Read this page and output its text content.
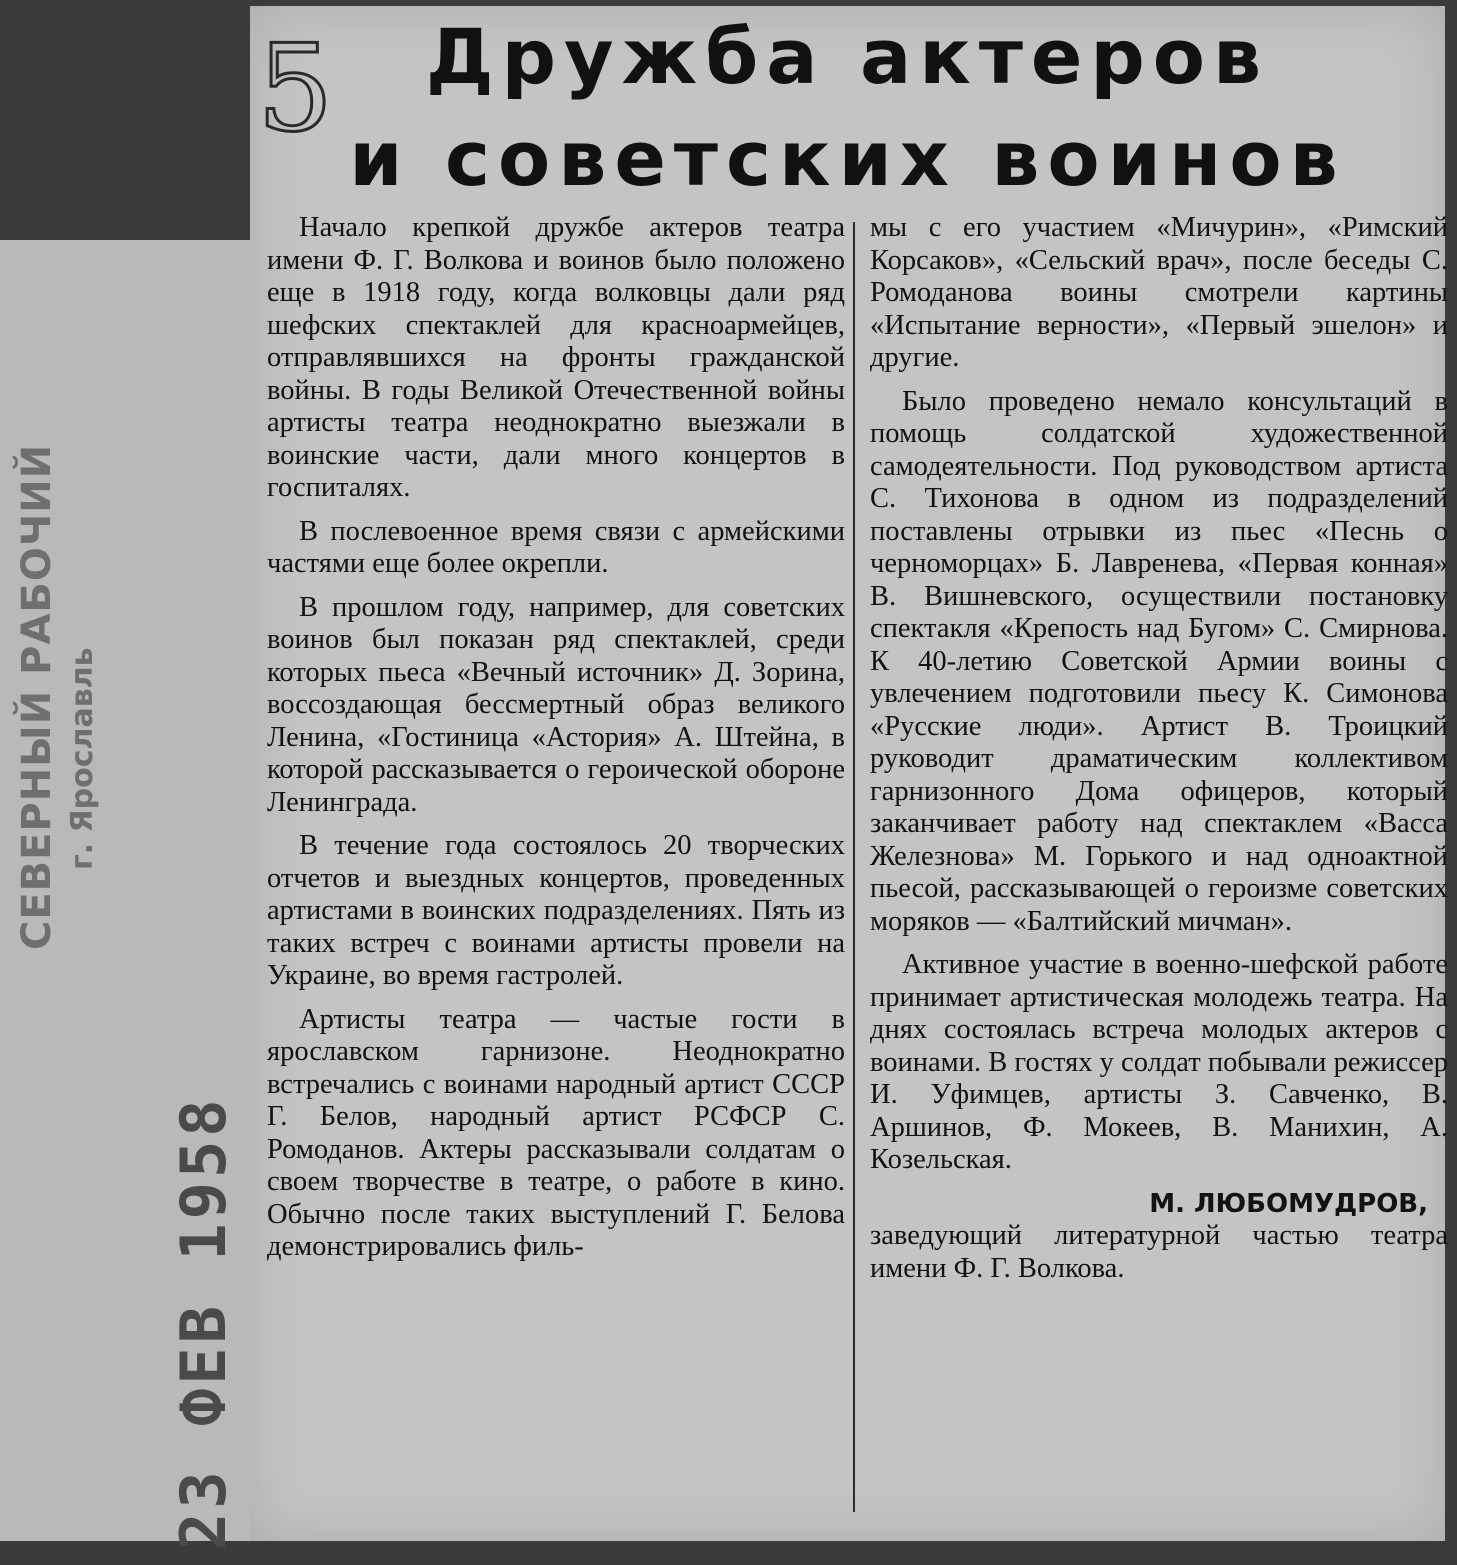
СЕВЕРНЫЙ РАБОЧИЙ г. Ярославль
23 ФЕВ 1958
5	Дружба актеров
и советских воинов

Начало крепкой дружбе актеров театра имени Ф. Г. Волкова и воинов было положено еще в 1918 году, когда волковцы дали ряд шефских спектаклей для красноармейцев, отправлявшихся на фронты гражданской войны. В годы Великой Отечественной войны артисты театра неоднократно выезжали в воинские части, дали много концертов в госпиталях.

В послевоенное время связи с армейскими частями еще более окрепли.

В прошлом году, например, для советских воинов был показан ряд спектаклей, среди которых пьеса «Вечный источник» Д. Зорина, воссоздающая бессмертный образ великого Ленина, «Гостиница «Астория» А. Штейна, в которой рассказывается о героической обороне Ленинграда.

В течение года состоялось 20 творческих отчетов и выездных концертов, проведенных артистами в воинских подразделениях. Пять из таких встреч с воинами артисты провели на Украине, во время гастролей.

Артисты театра — частые гости в ярославском гарнизоне. Неоднократно встречались с воинами народный артист СССР Г. Белов, народный артист РСФСР С. Ромоданов. Актеры рассказывали солдатам о своем творчестве в театре, о работе в кино. Обычно после таких выступлений Г. Белова демонстрировались филь-

мы с его участием «Мичурин», «Римский Корсаков», «Сельский врач», после беседы С. Ромоданова воины смотрели картины «Испытание верности», «Первый эшелон» и другие.

Было проведено немало консультаций в помощь солдатской художественной самодеятельности. Под руководством артиста С. Тихонова в одном из подразделений поставлены отрывки из пьес «Песнь о черноморцах» Б. Лавренева, «Первая конная» В. Вишневского, осуществили постановку спектакля «Крепость над Бугом» С. Смирнова. К 40-летию Советской Армии воины с увлечением подготовили пьесу К. Симонова «Русские люди». Артист В. Троицкий руководит драматическим коллективом гарнизонного Дома офицеров, который заканчивает работу над спектаклем «Васса Железнова» М. Горького и над одноактной пьесой, рассказывающей о героизме советских моряков — «Балтийский мичман».

Активное участие в военно-шефской работе принимает артистическая молодежь театра. На днях состоялась встреча молодых актеров с воинами. В гостях у солдат побывали режиссер И. Уфимцев, артисты З. Савченко, В. Аршинов, Ф. Мокеев, В. Манихин, А. Козельская.

М. ЛЮБОМУДРОВ,

заведующий литературной частью театра имени Ф. Г. Волкова.
